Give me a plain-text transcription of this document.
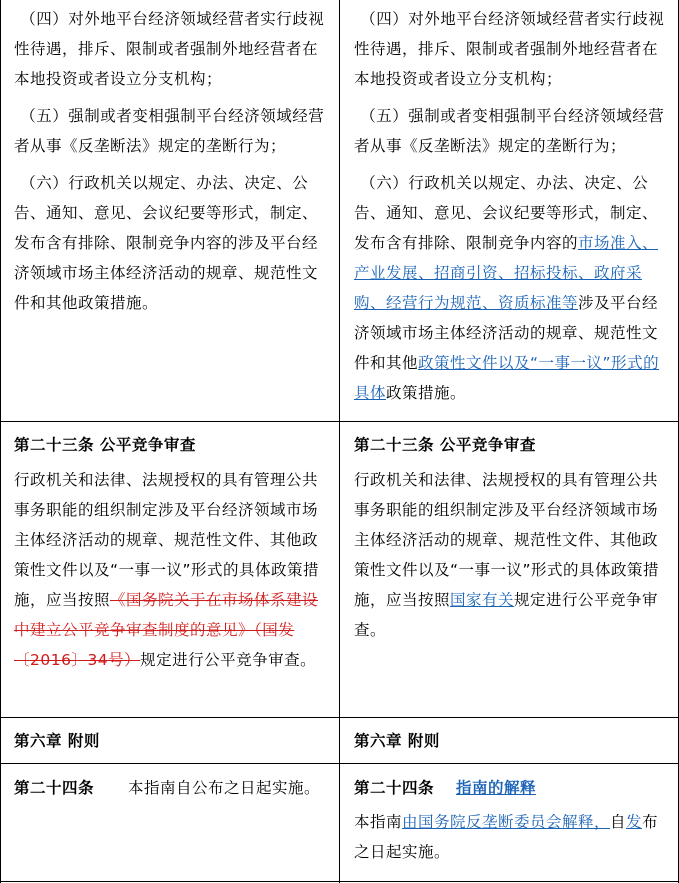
（四）对外地平台经济领域经营者实行歧视性待遇，排斥、限制或者强制外地经营者在本地投资或者设立分支机构；

（五）强制或者变相强制平台经济领域经营者从事《反垄断法》规定的垄断行为；

（六）行政机关以规定、办法、决定、公告、通知、意见、会议纪要等形式，制定、发布含有排除、限制竞争内容的涉及平台经济领域市场主体经济活动的规章、规范性文件和其他政策措施。

（四）对外地平台经济领域经营者实行歧视性待遇，排斥、限制或者强制外地经营者在本地投资或者设立分支机构；

（五）强制或者变相强制平台经济领域经营者从事《反垄断法》规定的垄断行为；

（六）行政机关以规定、办法、决定、公告、通知、意见、会议纪要等形式，制定、发布含有排除、限制竞争内容的市场准入、产业发展、招商引资、招标投标、政府采购、经营行为规范、资质标准等涉及平台经济领域市场主体经济活动的规章、规范性文件和其他政策性文件以及“一事一议”形式的具体政策措施。

第二十三条 公平竞争审查

行政机关和法律、法规授权的具有管理公共事务职能的组织制定涉及平台经济领域市场主体经济活动的规章、规范性文件、其他政策性文件以及“一事一议”形式的具体政策措施，应当按照《国务院关于在市场体系建设中建立公平竞争审查制度的意见》（国发〔2016〕34号）规定进行公平竞争审查。

第二十三条 公平竞争审查

行政机关和法律、法规授权的具有管理公共事务职能的组织制定涉及平台经济领域市场主体经济活动的规章、规范性文件、其他政策性文件以及“一事一议”形式的具体政策措施，应当按照国家有关规定进行公平竞争审查。

第六章 附则	第六章 附则

第二十四条 本指南自公布之日起实施。	第二十四条 指南的解释

本指南由国务院反垄断委员会解释，自发布之日起实施。
